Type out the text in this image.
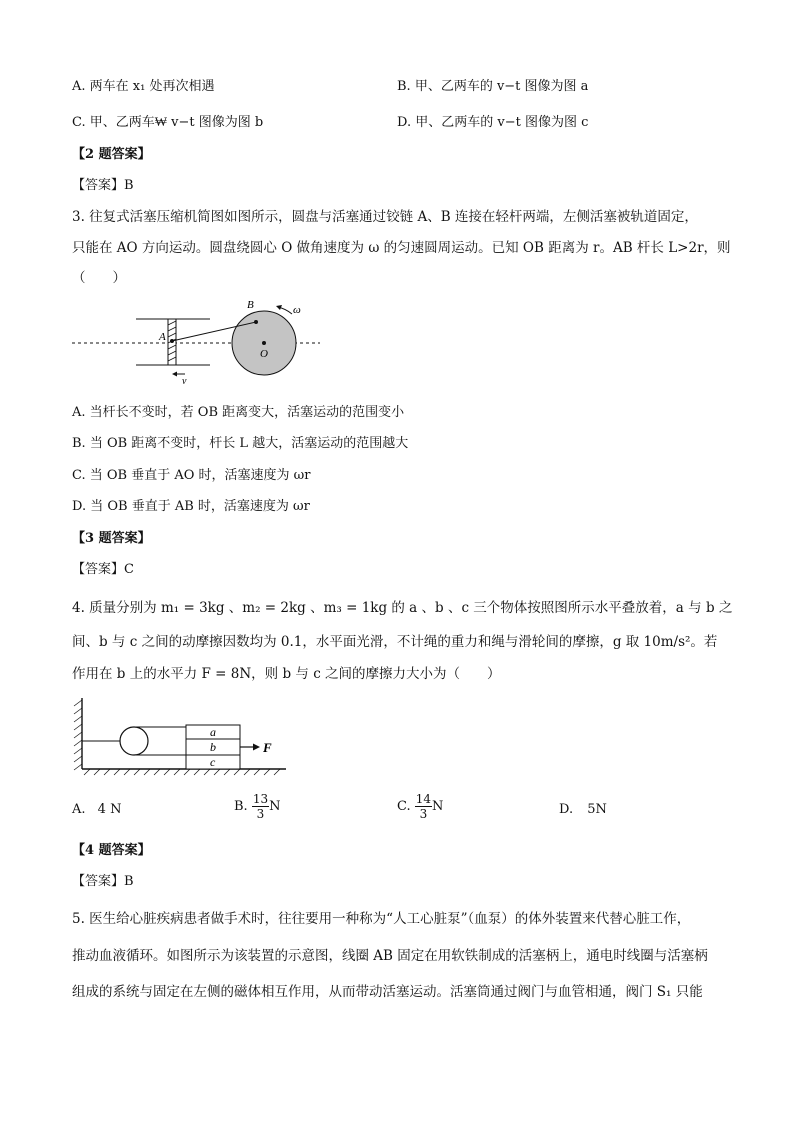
A. 两车在 x₁ 处再次相遇	B. 甲、乙两车的 v−t 图像为图 a
C. 甲、乙两车₩ v−t 图像为图 b	D. 甲、乙两车的 v−t 图像为图 c
【2 题答案】
【答案】B
3. 往复式活塞压缩机简图如图所示，圆盘与活塞通过铰链 A、B 连接在轻杆两端，左侧活塞被轨道固定，
只能在 AO 方向运动。圆盘绕圆心 O 做角速度为 ω 的匀速圆周运动。已知 OB 距离为 r。AB 杆长 L>2r，则
（　　）
A
B
O
ω
v
A. 当杆长不变时，若 OB 距离变大，活塞运动的范围变小
B. 当 OB 距离不变时，杆长 L 越大，活塞运动的范围越大
C. 当 OB 垂直于 AO 时，活塞速度为 ωr
D. 当 OB 垂直于 AB 时，活塞速度为 ωr
【3 题答案】
【答案】C
4. 质量分别为 m₁ = 3kg 、m₂ = 2kg 、m₃ = 1kg 的 a 、b 、c 三个物体按照图所示水平叠放着，a 与 b 之
间、b 与 c 之间的动摩擦因数均为 0.1，水平面光滑，不计绳的重力和绳与滑轮间的摩擦，g 取 10m/s²。若
作用在 b 上的水平力 F = 8N，则 b 与 c 之间的摩擦力大小为（　　）
a
b
c
F
A. 4 N	B. $\frac{13}{3}$ N	C. $\frac{14}{3}$ N	D. 5N
【4 题答案】
【答案】B
5. 医生给心脏疾病患者做手术时，往往要用一种称为“人工心脏泵”（血泵）的体外装置来代替心脏工作，
推动血液循环。如图所示为该装置的示意图，线圈 AB 固定在用软铁制成的活塞柄上，通电时线圈与活塞柄
组成的系统与固定在左侧的磁体相互作用，从而带动活塞运动。活塞筒通过阀门与血管相通，阀门 S₁ 只能
